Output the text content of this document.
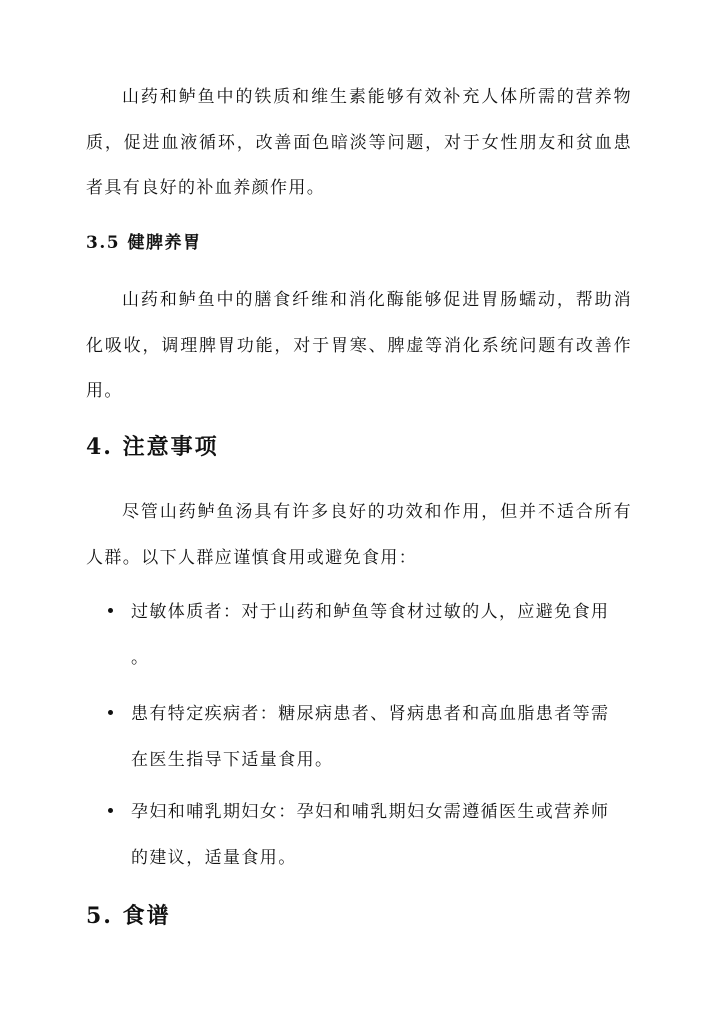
山药和鲈鱼中的铁质和维生素能够有效补充人体所需的营养物质，促进血液循环，改善面色暗淡等问题，对于女性朋友和贫血患者具有良好的补血养颜作用。

3.5 健脾养胃

山药和鲈鱼中的膳食纤维和消化酶能够促进胃肠蠕动，帮助消化吸收，调理脾胃功能，对于胃寒、脾虚等消化系统问题有改善作用。

4. 注意事项

尽管山药鲈鱼汤具有许多良好的功效和作用，但并不适合所有人群。以下人群应谨慎食用或避免食用：

过敏体质者：对于山药和鲈鱼等食材过敏的人，应避免食用
。
患有特定疾病者：糖尿病患者、肾病患者和高血脂患者等需
在医生指导下适量食用。
孕妇和哺乳期妇女：孕妇和哺乳期妇女需遵循医生或营养师
的建议，适量食用。
5. 食谱
